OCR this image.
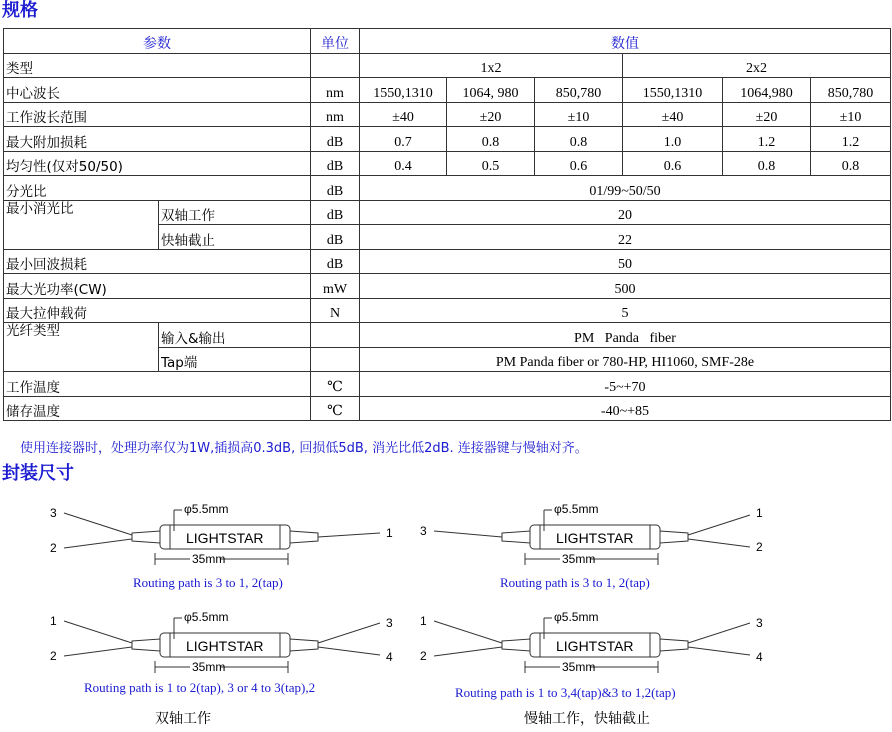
规格
参数		单位	数值					
类型			1x2			2x2		
中心波长		nm	1550,1310	1064, 980	850,780	1550,1310	1064,980	850,780
工作波长范围		nm	±40	±20	±10	±40	±20	±10
最大附加损耗		dB	0.7	0.8	0.8	1.0	1.2	1.2
均匀性(仅对50/50)		dB	0.4	0.5	0.6	0.6	0.8	0.8
分光比		dB	01/99~50/50					
最小消光比	双轴工作	dB	20					
	快轴截止	dB	22					
最小回波损耗		dB	50					
最大光功率(CW)		mW	500					
最大拉伸载荷		N	5					
光纤类型	输入&输出		PM   Panda   fiber					
	Tap端		PM Panda fiber or 780-HP, HI1060, SMF-28e					
工作温度		℃	-5~+70					
储存温度		℃	-40~+85					
使用连接器时，处理功率仅为1W,插损高0.3dB, 回损低5dB, 消光比低2dB. 连接器键与慢轴对齐。
封装尺寸
3
2
1
φ5.5mm
LIGHTSTAR
35mm
Routing path is 3 to 1, 2(tap)
3
1
2
φ5.5mm
LIGHTSTAR
35mm
Routing path is 3 to 1, 2(tap)
1
2
3
4
φ5.5mm
LIGHTSTAR
35mm
Routing path is 1 to 2(tap), 3 or 4 to 3(tap),2
1
2
3
4
φ5.5mm
LIGHTSTAR
35mm
Routing path is 1 to 3,4(tap)&3 to 1,2(tap)
双轴工作	慢轴工作，快轴截止
